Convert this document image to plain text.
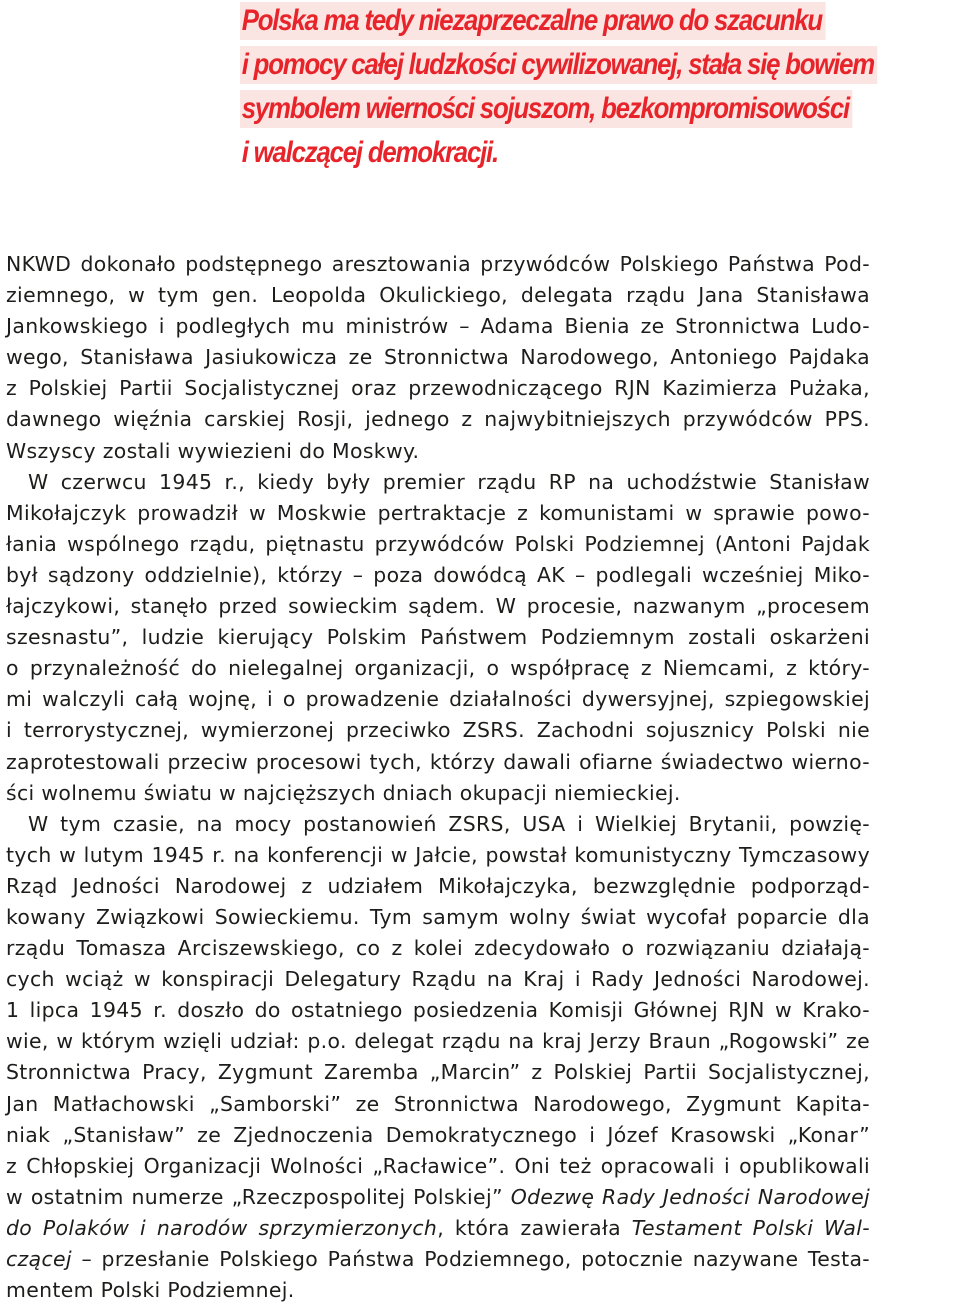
Polska ma tedy niezaprzeczalne prawo do szacunku

i pomocy całej ludzkości cywilizowanej, stała się bowiem

symbolem wierności sojuszom, bezkompromisowości

i walczącej demokracji.

NKWD dokonało podstępnego aresztowania przywódców Polskiego Państwa Pod-
ziemnego, w tym gen. Leopolda Okulickiego, delegata rządu Jana Stanisława
Jankowskiego i podległych mu ministrów – Adama Bienia ze Stronnictwa Ludo-
wego, Stanisława Jasiukowicza ze Stronnictwa Narodowego, Antoniego Pajdaka
z Polskiej Partii Socjalistycznej oraz przewodniczącego RJN Kazimierza Pużaka,
dawnego więźnia carskiej Rosji, jednego z najwybitniejszych przywódców PPS.
Wszyscy zostali wywiezieni do Moskwy.
W czerwcu 1945 r., kiedy były premier rządu RP na uchodźstwie Stanisław
Mikołajczyk prowadził w Moskwie pertraktacje z komunistami w sprawie powo-
łania wspólnego rządu, piętnastu przywódców Polski Podziemnej (Antoni Pajdak
był sądzony oddzielnie), którzy – poza dowódcą AK – podlegali wcześniej Miko-
łajczykowi, stanęło przed sowieckim sądem. W procesie, nazwanym „procesem
szesnastu”, ludzie kierujący Polskim Państwem Podziemnym zostali oskarżeni
o przynależność do nielegalnej organizacji, o współpracę z Niemcami, z który-
mi walczyli całą wojnę, i o prowadzenie działalności dywersyjnej, szpiegowskiej
i terrorystycznej, wymierzonej przeciwko ZSRS. Zachodni sojusznicy Polski nie
zaprotestowali przeciw procesowi tych, którzy dawali ofiarne świadectwo wierno-
ści wolnemu światu w najcięższych dniach okupacji niemieckiej.
W tym czasie, na mocy postanowień ZSRS, USA i Wielkiej Brytanii, powzię-
tych w lutym 1945 r. na konferencji w Jałcie, powstał komunistyczny Tymczasowy
Rząd Jedności Narodowej z udziałem Mikołajczyka, bezwzględnie podporząd-
kowany Związkowi Sowieckiemu. Tym samym wolny świat wycofał poparcie dla
rządu Tomasza Arciszewskiego, co z kolei zdecydowało o rozwiązaniu działają-
cych wciąż w konspiracji Delegatury Rządu na Kraj i Rady Jedności Narodowej.
1 lipca 1945 r. doszło do ostatniego posiedzenia Komisji Głównej RJN w Krako-
wie, w którym wzięli udział: p.o. delegat rządu na kraj Jerzy Braun „Rogowski” ze
Stronnictwa Pracy, Zygmunt Zaremba „Marcin” z Polskiej Partii Socjalistycznej,
Jan Matłachowski „Samborski” ze Stronnictwa Narodowego, Zygmunt Kapita-
niak „Stanisław” ze Zjednoczenia Demokratycznego i Józef Krasowski „Konar”
z Chłopskiej Organizacji Wolności „Racławice”. Oni też opracowali i opublikowali
w ostatnim numerze „Rzeczpospolitej Polskiej” Odezwę Rady Jedności Narodowej
do Polaków i narodów sprzymierzonych, która zawierała Testament Polski Wal-
czącej – przesłanie Polskiego Państwa Podziemnego, potocznie nazywane Testa-
mentem Polski Podziemnej.
